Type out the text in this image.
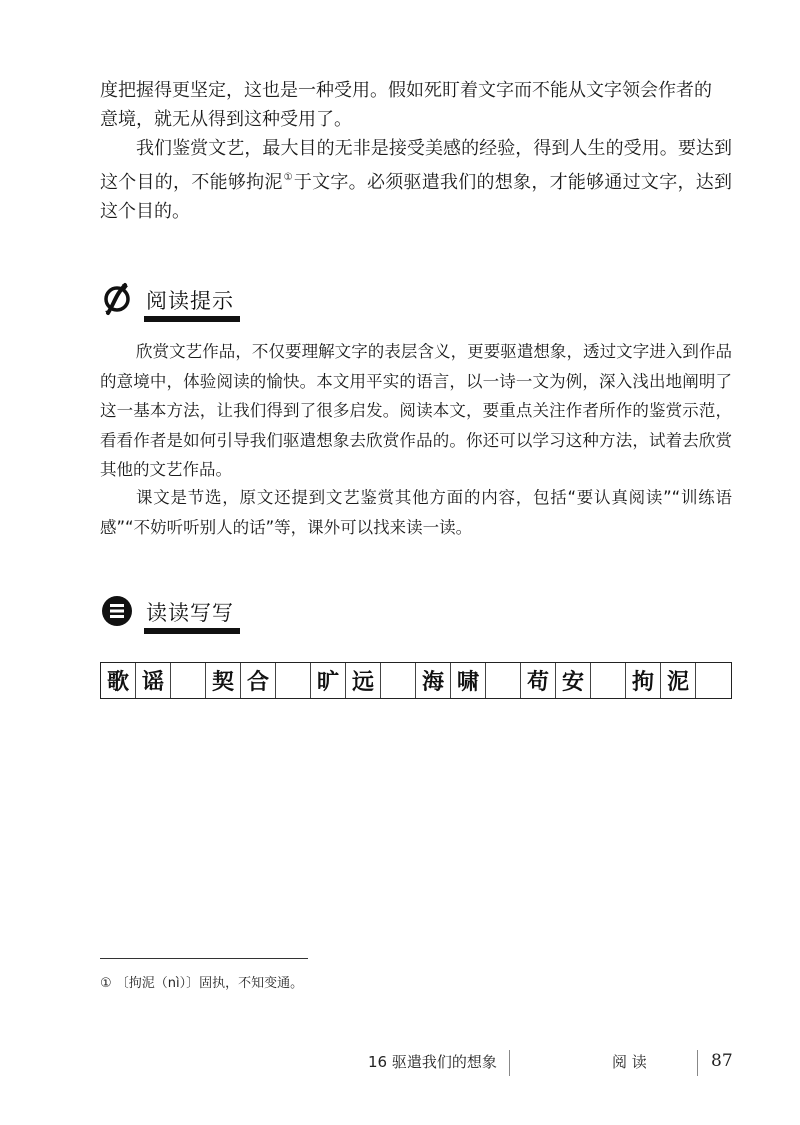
度把握得更坚定，这也是一种受用。假如死盯着文字而不能从文字领会作者的
意境，就无从得到这种受用了。

我们鉴赏文艺，最大目的无非是接受美感的经验，得到人生的受用。要达到这个目的，不能够拘泥①于文字。必须驱遣我们的想象，才能够通过文字，达到这个目的。

阅读提示

欣赏文艺作品，不仅要理解文字的表层含义，更要驱遣想象，透过文字进入到作品的意境中，体验阅读的愉快。本文用平实的语言，以一诗一文为例，深入浅出地阐明了这一基本方法，让我们得到了很多启发。阅读本文，要重点关注作者所作的鉴赏示范，看看作者是如何引导我们驱遣想象去欣赏作品的。你还可以学习这种方法，试着去欣赏其他的文艺作品。

课文是节选，原文还提到文艺鉴赏其他方面的内容，包括“要认真阅读”“训练语感”“不妨听听别人的话”等，课外可以找来读一读。

读读写写
歌 谣	契 合	旷 远	海 啸	苟 安	拘 泥
① 〔拘泥（nì）〕固执，不知变通。
16 驱遣我们的想象	阅 读	87
